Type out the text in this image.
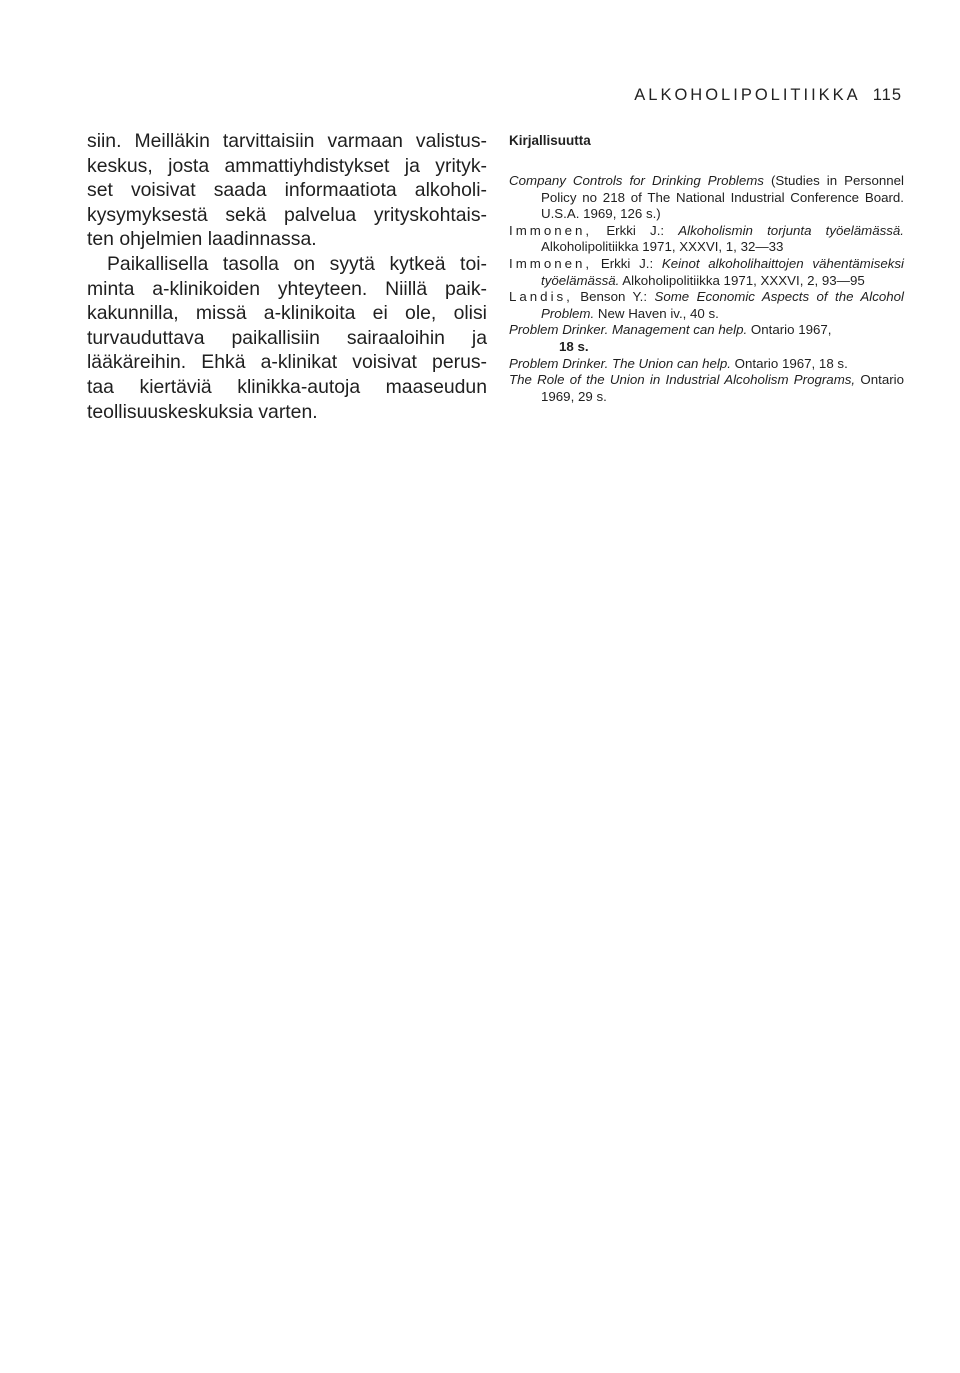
ALKOHOLIPOLITIIKKA 115
siin. Meilläkin tarvittaisiin varmaan valistus-
keskus, josta ammattiyhdistykset ja yrityk-
set voisivat saada informaatiota alkoholi-
kysymyksestä sekä palvelua yrityskohtais-
ten ohjelmien laadinnassa.
Paikallisella tasolla on syytä kytkeä toi-
minta a-klinikoiden yhteyteen. Niillä paik-
kakunnilla, missä a-klinikoita ei ole, olisi
turvauduttava paikallisiin sairaaloihin ja
lääkäreihin. Ehkä a-klinikat voisivat perus-
taa kiertäviä klinikka-autoja maaseudun
teollisuuskeskuksia varten.
Kirjallisuutta

Company Controls for Drinking Problems (Studies in Personnel Policy no 218 of The National Industrial Conference Board. U.S.A. 1969, 126 s.)

Immonen, Erkki J.: Alkoholismin torjunta työelämässä. Alkoholipolitiikka 1971, XXXVI, 1, 32—33

Immonen, Erkki J.: Keinot alkoholihaittojen vähentämiseksi työelämässä. Alkoholipolitiikka 1971, XXXVI, 2, 93—95

Landis, Benson Y.: Some Economic Aspects of the Alcohol Problem. New Haven iv., 40 s.

Problem Drinker. Management can help. Ontario 1967,
18 s.

Problem Drinker. The Union can help. Ontario 1967, 18 s.

The Role of the Union in Industrial Alcoholism Programs, Ontario 1969, 29 s.
